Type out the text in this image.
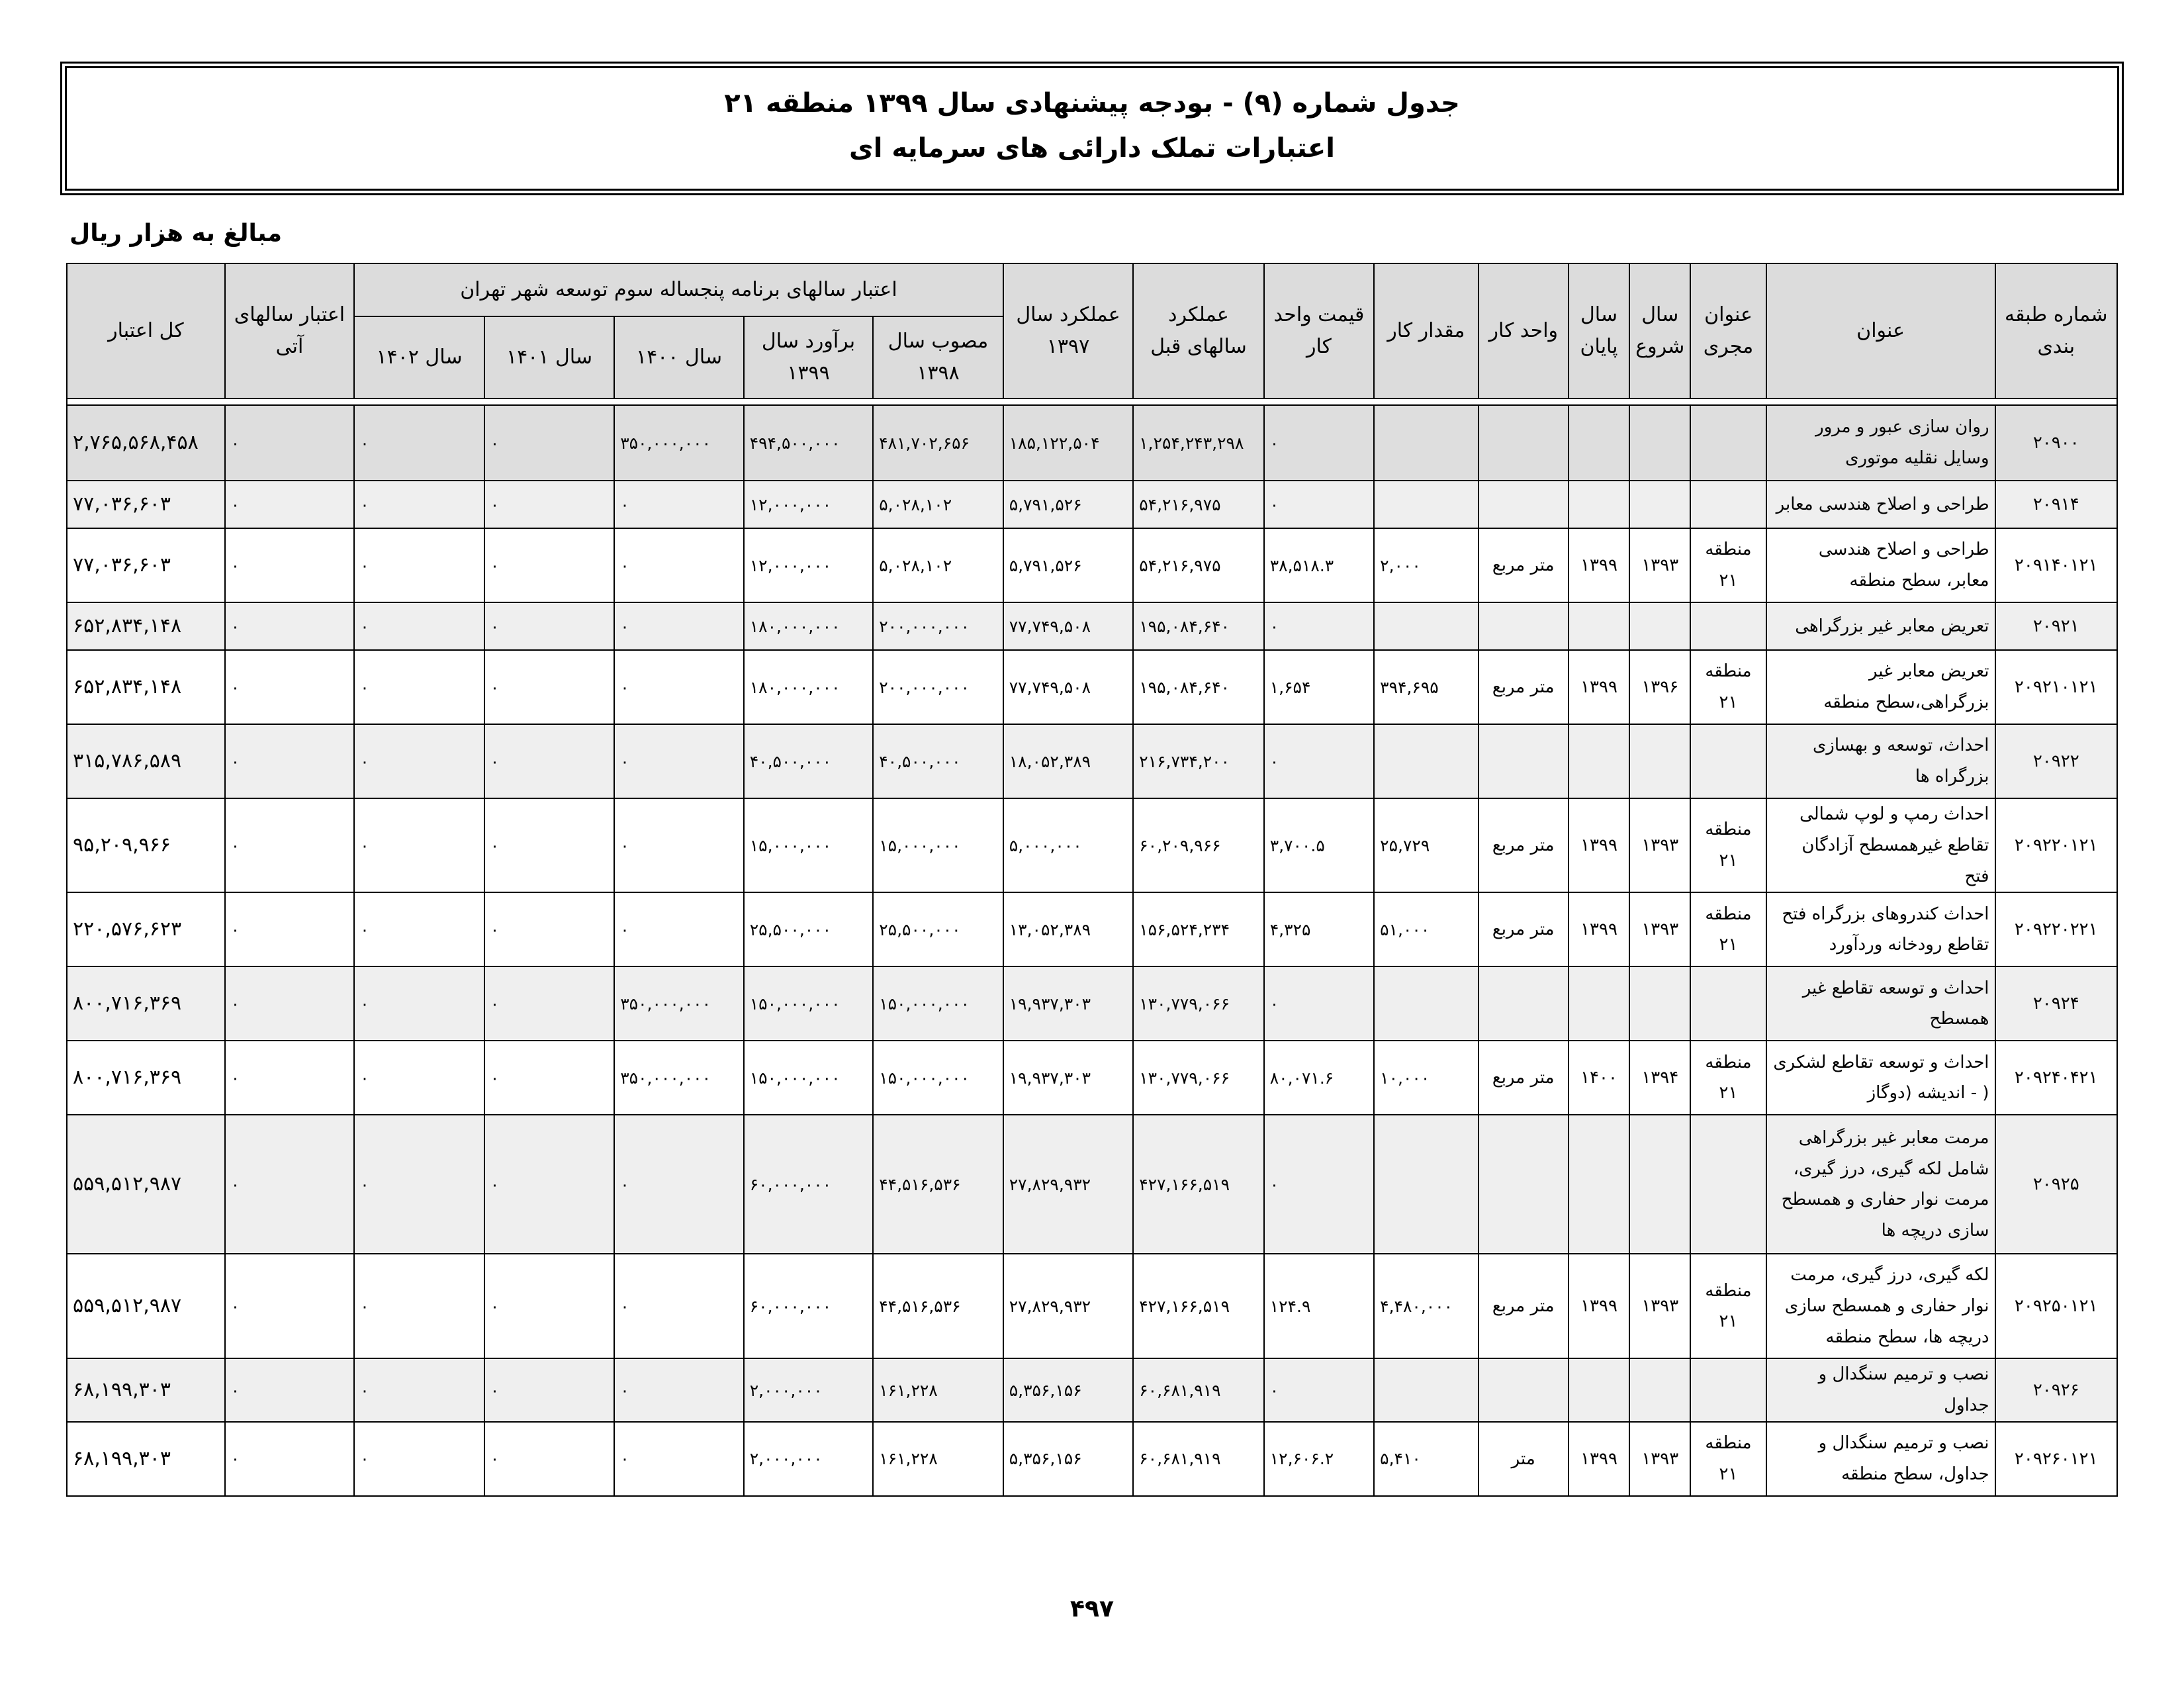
جدول شماره (۹) - بودجه پیشنهادی سال ۱۳۹۹ منطقه ۲۱
اعتبارات تملک دارائی های سرمایه ای
مبالغ به هزار ریال
شماره طبقه بندی	عنوان	عنوان مجری	سال شروع	سال پایان	واحد کار	مقدار کار	قیمت واحد کار	عملکرد سالهای قبل	عملکرد سال ۱۳۹۷	اعتبار سالهای برنامه پنجساله سوم توسعه شهر تهران					اعتبار سالهای آتی	کل اعتبار
										مصوب سال ۱۳۹۸	برآورد سال ۱۳۹۹	سال ۱۴۰۰	سال ۱۴۰۱	سال ۱۴۰۲		

۲۰۹۰۰	روان سازی عبور و مرور وسایل نقلیه موتوری						۰	۱,۲۵۴,۲۴۳,۲۹۸	۱۸۵,۱۲۲,۵۰۴	۴۸۱,۷۰۲,۶۵۶	۴۹۴,۵۰۰,۰۰۰	۳۵۰,۰۰۰,۰۰۰	۰	۰	۰	۲,۷۶۵,۵۶۸,۴۵۸
۲۰۹۱۴	طراحی و اصلاح هندسی معابر						۰	۵۴,۲۱۶,۹۷۵	۵,۷۹۱,۵۲۶	۵,۰۲۸,۱۰۲	۱۲,۰۰۰,۰۰۰	۰	۰	۰	۰	۷۷,۰۳۶,۶۰۳
۲۰۹۱۴۰۱۲۱	طراحی و اصلاح هندسی معابر، سطح منطقه	منطقه ۲۱	۱۳۹۳	۱۳۹۹	متر مربع	۲,۰۰۰	۳۸,۵۱۸.۳	۵۴,۲۱۶,۹۷۵	۵,۷۹۱,۵۲۶	۵,۰۲۸,۱۰۲	۱۲,۰۰۰,۰۰۰	۰	۰	۰	۰	۷۷,۰۳۶,۶۰۳
۲۰۹۲۱	تعریض معابر غیر بزرگراهی						۰	۱۹۵,۰۸۴,۶۴۰	۷۷,۷۴۹,۵۰۸	۲۰۰,۰۰۰,۰۰۰	۱۸۰,۰۰۰,۰۰۰	۰	۰	۰	۰	۶۵۲,۸۳۴,۱۴۸
۲۰۹۲۱۰۱۲۱	تعریض معابر غیر بزرگراهی،سطح منطقه	منطقه ۲۱	۱۳۹۶	۱۳۹۹	متر مربع	۳۹۴,۶۹۵	۱,۶۵۴	۱۹۵,۰۸۴,۶۴۰	۷۷,۷۴۹,۵۰۸	۲۰۰,۰۰۰,۰۰۰	۱۸۰,۰۰۰,۰۰۰	۰	۰	۰	۰	۶۵۲,۸۳۴,۱۴۸
۲۰۹۲۲	احداث، توسعه و بهسازی بزرگراه ها						۰	۲۱۶,۷۳۴,۲۰۰	۱۸,۰۵۲,۳۸۹	۴۰,۵۰۰,۰۰۰	۴۰,۵۰۰,۰۰۰	۰	۰	۰	۰	۳۱۵,۷۸۶,۵۸۹
۲۰۹۲۲۰۱۲۱	احداث رمپ و لوپ شمالی تقاطع غیرهمسطح آزادگان فتح	منطقه ۲۱	۱۳۹۳	۱۳۹۹	متر مربع	۲۵,۷۲۹	۳,۷۰۰.۵	۶۰,۲۰۹,۹۶۶	۵,۰۰۰,۰۰۰	۱۵,۰۰۰,۰۰۰	۱۵,۰۰۰,۰۰۰	۰	۰	۰	۰	۹۵,۲۰۹,۹۶۶
۲۰۹۲۲۰۲۲۱	احداث کندروهای بزرگراه فتح تقاطع رودخانه وردآورد	منطقه ۲۱	۱۳۹۳	۱۳۹۹	متر مربع	۵۱,۰۰۰	۴,۳۲۵	۱۵۶,۵۲۴,۲۳۴	۱۳,۰۵۲,۳۸۹	۲۵,۵۰۰,۰۰۰	۲۵,۵۰۰,۰۰۰	۰	۰	۰	۰	۲۲۰,۵۷۶,۶۲۳
۲۰۹۲۴	احداث و توسعه تقاطع غیر همسطح						۰	۱۳۰,۷۷۹,۰۶۶	۱۹,۹۳۷,۳۰۳	۱۵۰,۰۰۰,۰۰۰	۱۵۰,۰۰۰,۰۰۰	۳۵۰,۰۰۰,۰۰۰	۰	۰	۰	۸۰۰,۷۱۶,۳۶۹
۲۰۹۲۴۰۴۲۱	احداث و توسعه تقاطع لشکری ( - اندیشه (دوگاز	منطقه ۲۱	۱۳۹۴	۱۴۰۰	متر مربع	۱۰,۰۰۰	۸۰,۰۷۱.۶	۱۳۰,۷۷۹,۰۶۶	۱۹,۹۳۷,۳۰۳	۱۵۰,۰۰۰,۰۰۰	۱۵۰,۰۰۰,۰۰۰	۳۵۰,۰۰۰,۰۰۰	۰	۰	۰	۸۰۰,۷۱۶,۳۶۹
۲۰۹۲۵	مرمت معابر غیر بزرگراهی شامل لکه گیری، درز گیری، مرمت نوار حفاری و همسطح سازی دریچه ها						۰	۴۲۷,۱۶۶,۵۱۹	۲۷,۸۲۹,۹۳۲	۴۴,۵۱۶,۵۳۶	۶۰,۰۰۰,۰۰۰	۰	۰	۰	۰	۵۵۹,۵۱۲,۹۸۷
۲۰۹۲۵۰۱۲۱	لکه گیری، درز گیری، مرمت نوار حفاری و همسطح سازی دریچه ها، سطح منطقه	منطقه ۲۱	۱۳۹۳	۱۳۹۹	متر مربع	۴,۴۸۰,۰۰۰	۱۲۴.۹	۴۲۷,۱۶۶,۵۱۹	۲۷,۸۲۹,۹۳۲	۴۴,۵۱۶,۵۳۶	۶۰,۰۰۰,۰۰۰	۰	۰	۰	۰	۵۵۹,۵۱۲,۹۸۷
۲۰۹۲۶	نصب و ترمیم سنگدال و جداول						۰	۶۰,۶۸۱,۹۱۹	۵,۳۵۶,۱۵۶	۱۶۱,۲۲۸	۲,۰۰۰,۰۰۰	۰	۰	۰	۰	۶۸,۱۹۹,۳۰۳
۲۰۹۲۶۰۱۲۱	نصب و ترمیم سنگدال و جداول، سطح منطقه	منطقه ۲۱	۱۳۹۳	۱۳۹۹	متر	۵,۴۱۰	۱۲,۶۰۶.۲	۶۰,۶۸۱,۹۱۹	۵,۳۵۶,۱۵۶	۱۶۱,۲۲۸	۲,۰۰۰,۰۰۰	۰	۰	۰	۰	۶۸,۱۹۹,۳۰۳
۴۹۷
